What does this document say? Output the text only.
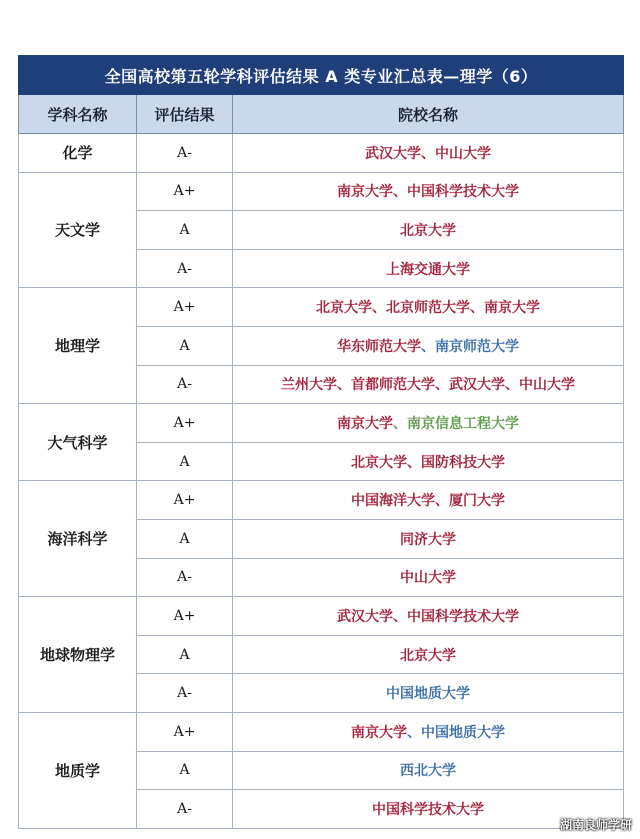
全国高校第五轮学科评估结果 A 类专业汇总表—理学（6）		
学科名称	评估结果	院校名称
化学	A-	武汉大学、中山大学
天文学	A+	南京大学、中国科学技术大学
	A	北京大学
	A-	上海交通大学
地理学	A+	北京大学、北京师范大学、南京大学
	A	华东师范大学、南京师范大学
	A-	兰州大学、首都师范大学、武汉大学、中山大学
大气科学	A+	南京大学、南京信息工程大学
	A	北京大学、国防科技大学
海洋科学	A+	中国海洋大学、厦门大学
	A	同济大学
	A-	中山大学
地球物理学	A+	武汉大学、中国科学技术大学
	A	北京大学
	A-	中国地质大学
地质学	A+	南京大学、中国地质大学
	A	西北大学
	A-	中国科学技术大学
湖南良师学研
